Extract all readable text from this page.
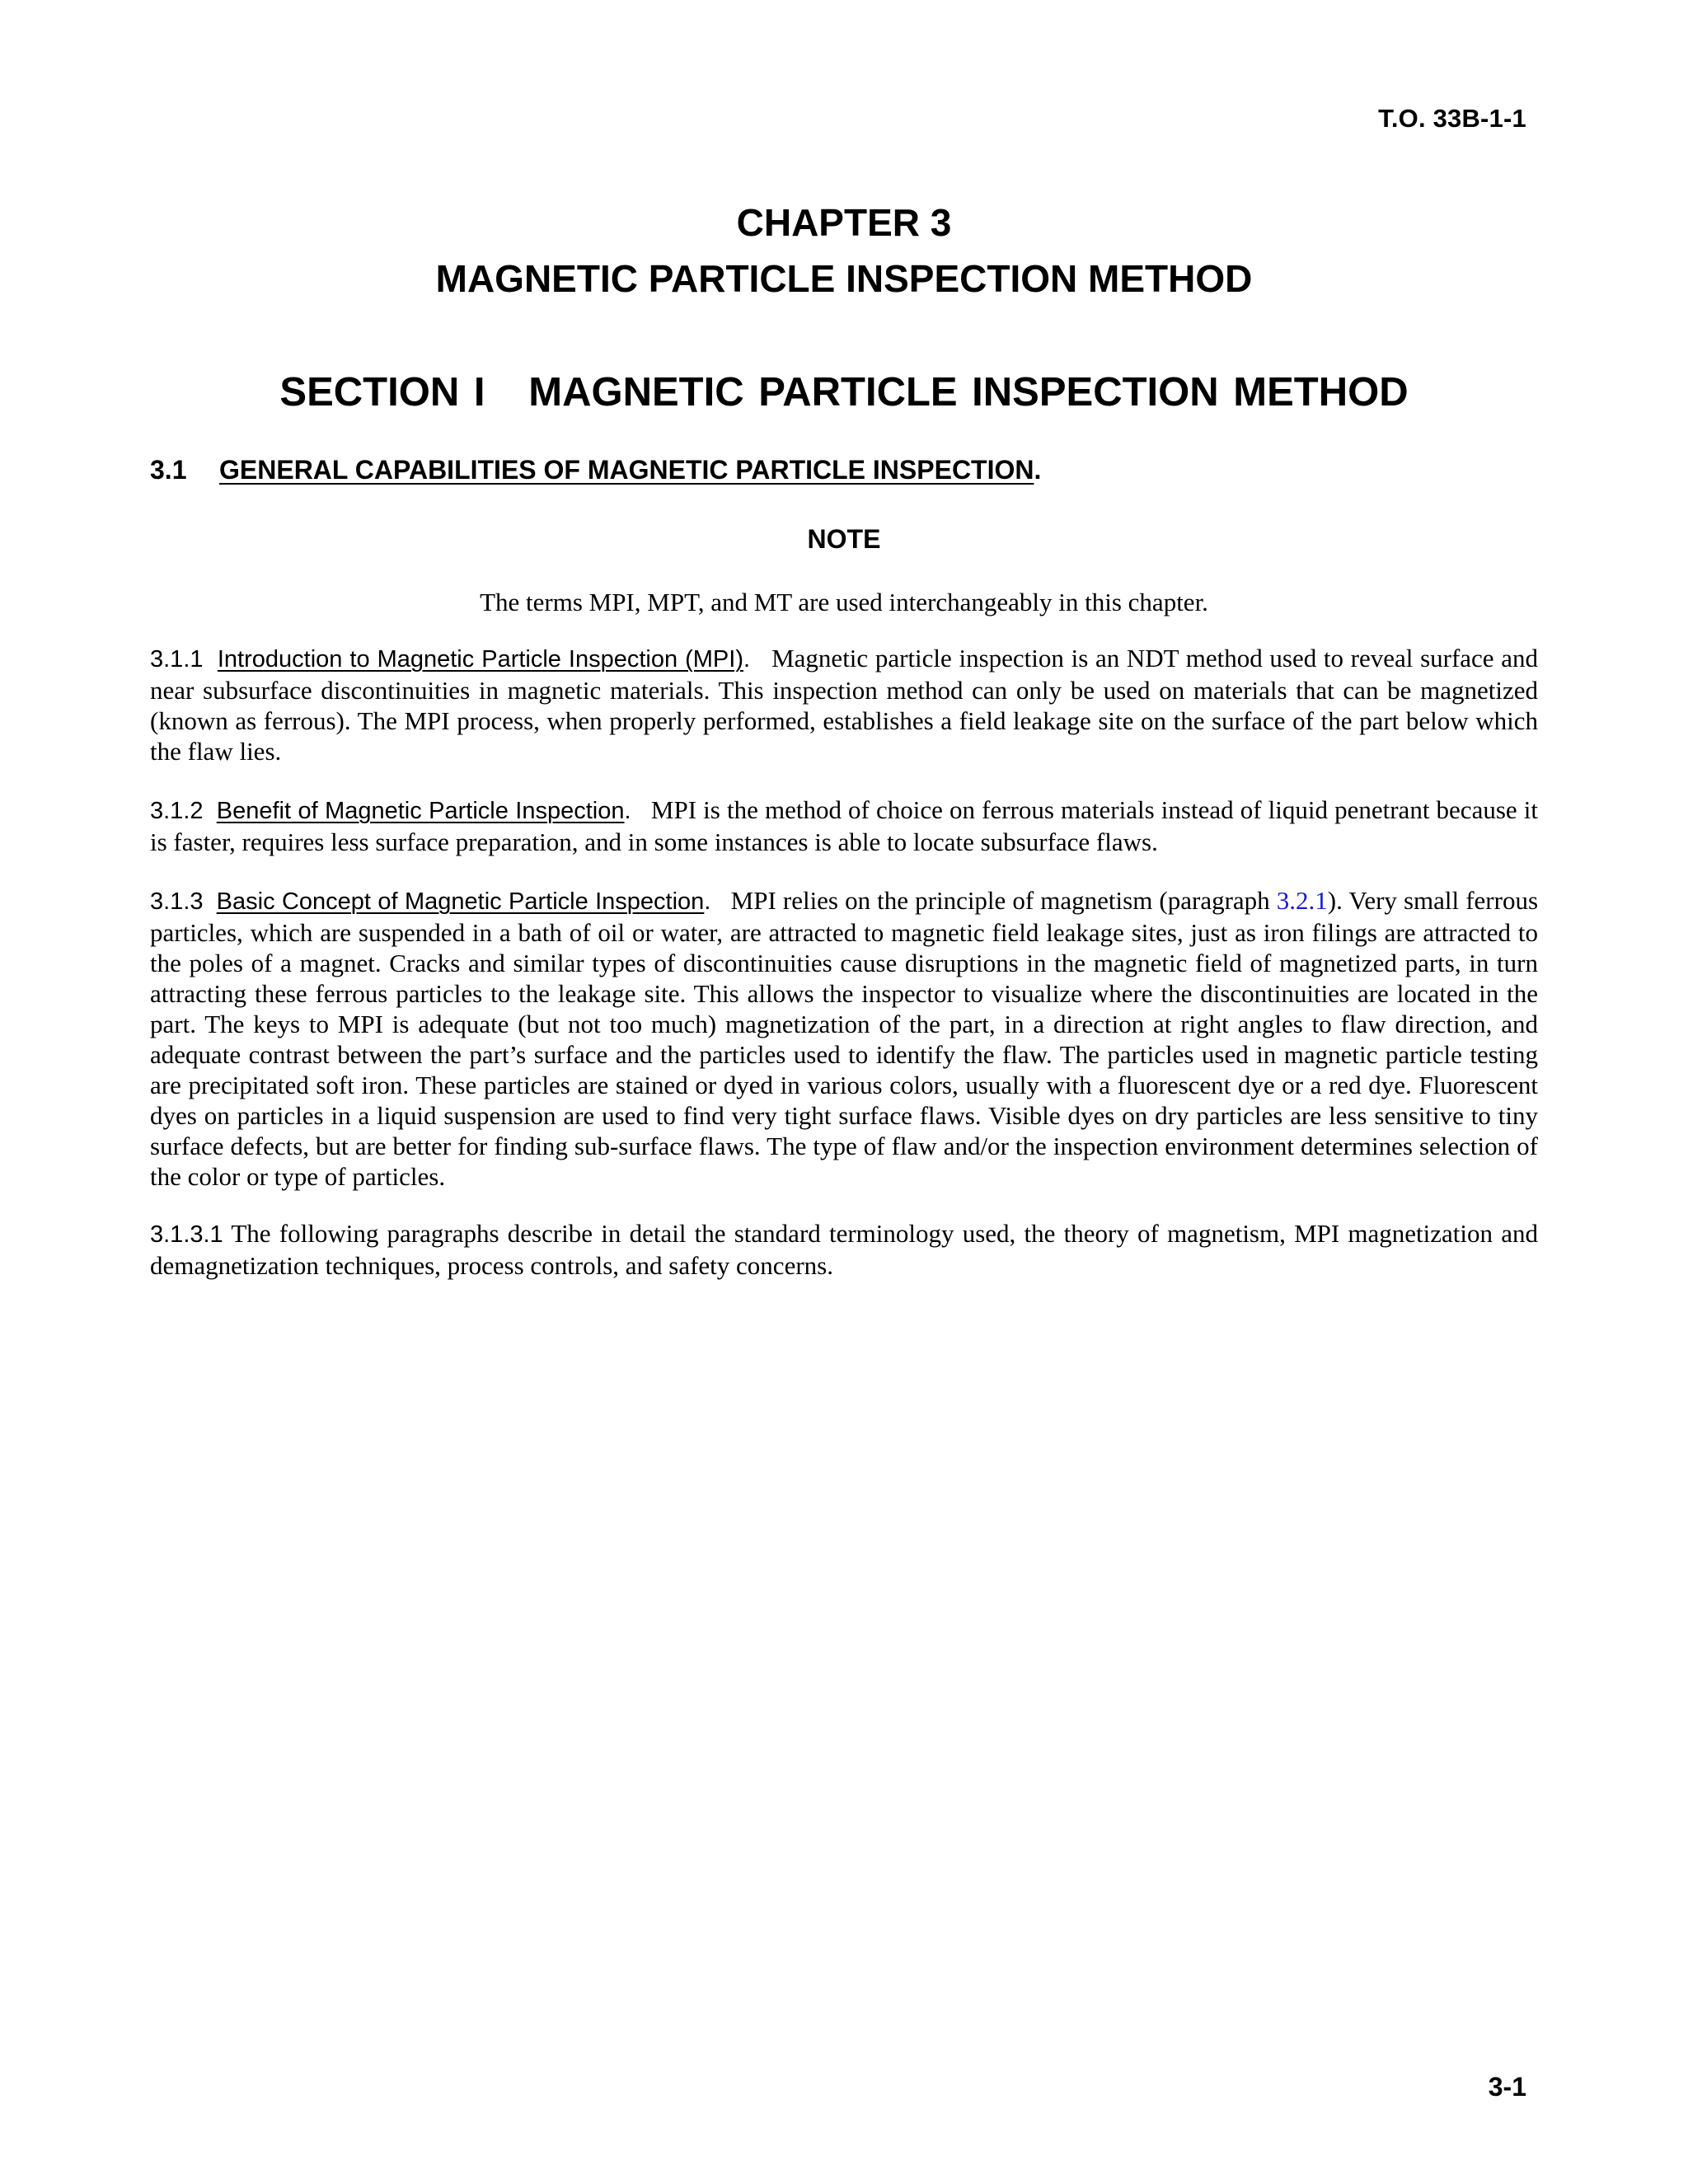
T.O. 33B-1-1
CHAPTER 3
MAGNETIC PARTICLE INSPECTION METHOD
SECTION I   MAGNETIC PARTICLE INSPECTION METHOD
3.1 GENERAL CAPABILITIES OF MAGNETIC PARTICLE INSPECTION.
NOTE
The terms MPI, MPT, and MT are used interchangeably in this chapter.
3.1.1 Introduction to Magnetic Particle Inspection (MPI). Magnetic particle inspection is an NDT method used to reveal surface and near subsurface discontinuities in magnetic materials. This inspection method can only be used on materials that can be magnetized (known as ferrous). The MPI process, when properly performed, establishes a field leakage site on the surface of the part below which the flaw lies.
3.1.2 Benefit of Magnetic Particle Inspection. MPI is the method of choice on ferrous materials instead of liquid penetrant because it is faster, requires less surface preparation, and in some instances is able to locate subsurface flaws.
3.1.3 Basic Concept of Magnetic Particle Inspection. MPI relies on the principle of magnetism (paragraph 3.2.1). Very small ferrous particles, which are suspended in a bath of oil or water, are attracted to magnetic field leakage sites, just as iron filings are attracted to the poles of a magnet. Cracks and similar types of discontinuities cause disruptions in the magnetic field of magnetized parts, in turn attracting these ferrous particles to the leakage site. This allows the inspector to visualize where the discontinuities are located in the part. The keys to MPI is adequate (but not too much) magnetization of the part, in a direction at right angles to flaw direction, and adequate contrast between the part’s surface and the particles used to identify the flaw. The particles used in magnetic particle testing are precipitated soft iron. These particles are stained or dyed in various colors, usually with a fluorescent dye or a red dye. Fluorescent dyes on particles in a liquid suspension are used to find very tight surface flaws. Visible dyes on dry particles are less sensitive to tiny surface defects, but are better for finding sub-surface flaws. The type of flaw and/or the inspection environment determines selection of the color or type of particles.
3.1.3.1 The following paragraphs describe in detail the standard terminology used, the theory of magnetism, MPI magnetization and demagnetization techniques, process controls, and safety concerns.
3-1
